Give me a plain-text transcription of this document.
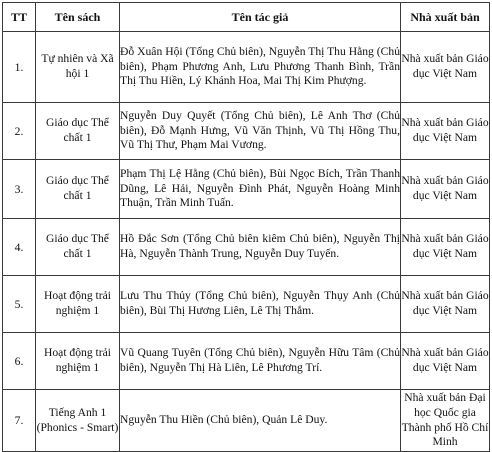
TT	Tên sách	Tên tác giả	Nhà xuất bản

1.	Tự nhiên và Xã hội 1	Đỗ Xuân Hội (Tổng Chủ biên), Nguyễn Thị Thu Hằng (Chủ biên), Phạm Phương Anh, Lưu Phương Thanh Bình, Trần Thị Thu Hiền, Lý Khánh Hoa, Mai Thị Kim Phượng.	Nhà xuất bản Giáo dục Việt Nam

2.	Giáo dục Thể chất 1	Nguyễn Duy Quyết (Tổng Chủ biên), Lê Anh Thơ (Chủ biên), Đỗ Mạnh Hưng, Vũ Văn Thịnh, Vũ Thị Hồng Thu, Vũ Thị Thư, Phạm Mai Vương.	Nhà xuất bản Giáo dục Việt Nam

3.	Giáo dục Thể chất 1	Phạm Thị Lệ Hằng (Chủ biên), Bùi Ngọc Bích, Trần Thanh Dũng, Lê Hải, Nguyễn Đình Phát, Nguyễn Hoàng Minh Thuận, Trần Minh Tuấn.	Nhà xuất bản Giáo dục Việt Nam

4.	Giáo dục Thể chất 1	Hồ Đắc Sơn (Tổng Chủ biên kiêm Chủ biên), Nguyễn Thị Hà, Nguyễn Thành Trung, Nguyễn Duy Tuyến.	Nhà xuất bản Giáo dục Việt Nam

5.	Hoạt động trải nghiệm 1	Lưu Thu Thủy (Tổng Chủ biên), Nguyễn Thụy Anh (Chủ biên), Bùi Thị Hương Liên, Lê Thị Thắm.	Nhà xuất bản Giáo dục Việt Nam

6.	Hoạt động trải nghiệm 1	Vũ Quang Tuyên (Tổng Chủ biên), Nguyễn Hữu Tâm (Chủ biên), Nguyễn Thị Hà Liên, Lê Phương Trí.	Nhà xuất bản Giáo dục Việt Nam

7.	Tiếng Anh 1 (Phonics - Smart)	Nguyễn Thu Hiền (Chủ biên), Quản Lê Duy.	Nhà xuất bản Đại học Quốc gia Thành phố Hồ Chí Minh
